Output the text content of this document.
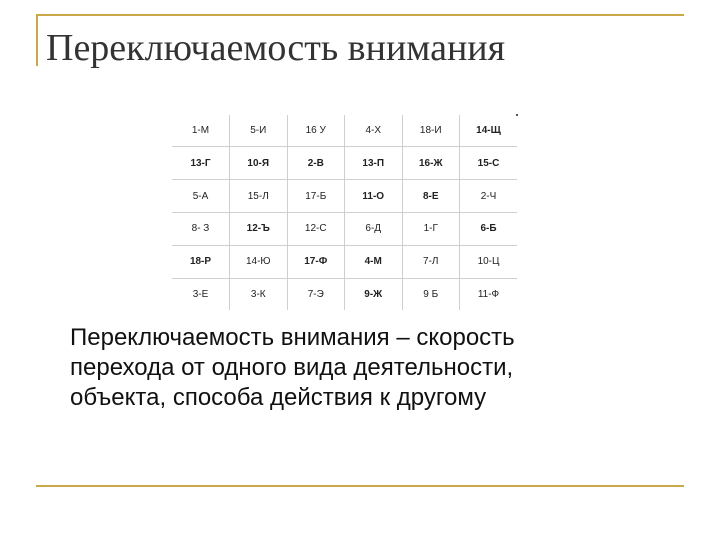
Переключаемость внимания
1-М	5-И	16 У	4-Х	18-И	14-Щ
13-Г	10-Я	2-В	13-П	16-Ж	15-С
5-А	15-Л	17-Б	11-О	8-Е	2-Ч
8- З	12-Ъ	12-С	6-Д	1-Г	6-Б
18-Р	14-Ю	17-Ф	4-М	7-Л	10-Ц
3-Е	3-К	7-Э	9-Ж	9 Б	11-Ф
Переключаемость внимания – скорость
перехода от одного вида деятельности,
объекта, способа действия к другому
